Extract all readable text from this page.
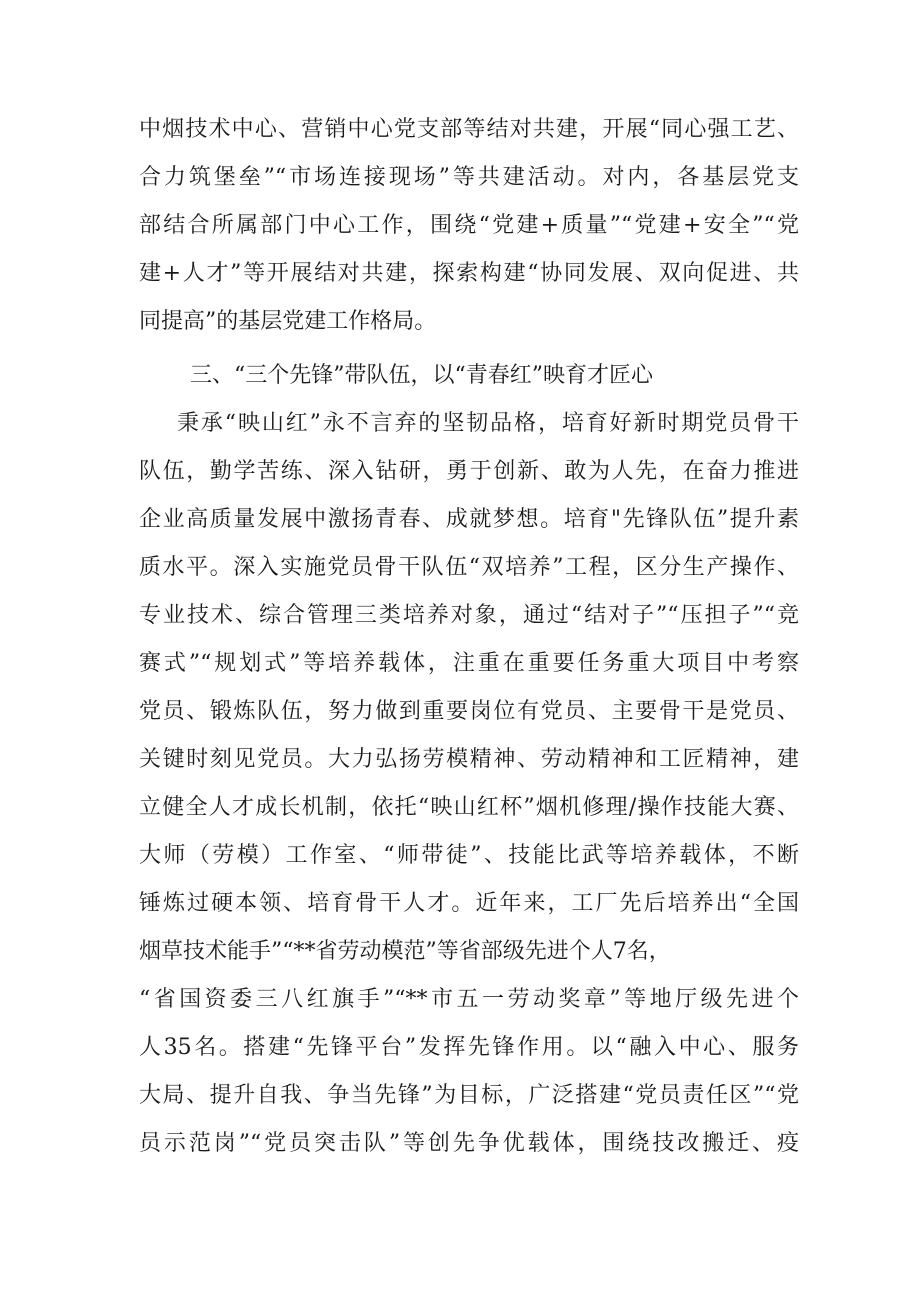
中烟技术中心、营销中心党支部等结对共建，开展“同心强工艺、
合力筑堡垒”“市场连接现场”等共建活动。对内，各基层党支
部结合所属部门中心工作，围绕“党建+质量”“党建+安全”“党
建+人才”等开展结对共建，探索构建“协同发展、双向促进、共
同提高”的基层党建工作格局。
三、“三个先锋”带队伍，以“青春红”映育才匠心
秉承“映山红”永不言弃的坚韧品格，培育好新时期党员骨干
队伍，勤学苦练、深入钻研，勇于创新、敢为人先，在奋力推进
企业高质量发展中激扬青春、成就梦想。培育"先锋队伍”提升素
质水平。深入实施党员骨干队伍“双培养”工程，区分生产操作、
专业技术、综合管理三类培养对象，通过“结对子”“压担子”“竞
赛式”“规划式”等培养载体，注重在重要任务重大项目中考察
党员、锻炼队伍，努力做到重要岗位有党员、主要骨干是党员、
关键时刻见党员。大力弘扬劳模精神、劳动精神和工匠精神，建
立健全人才成长机制，依托“映山红杯”烟机修理/操作技能大赛、
大师（劳模）工作室、“师带徒”、技能比武等培养载体，不断
锤炼过硬本领、培育骨干人才。近年来，工厂先后培养出“全国
烟草技术能手”“**省劳动模范”等省部级先进个人7名，
“省国资委三八红旗手”“**市五一劳动奖章”等地厅级先进个
人35名。搭建“先锋平台”发挥先锋作用。以“融入中心、服务
大局、提升自我、争当先锋”为目标，广泛搭建“党员责任区”“党
员示范岗”“党员突击队”等创先争优载体，围绕技改搬迁、疫
